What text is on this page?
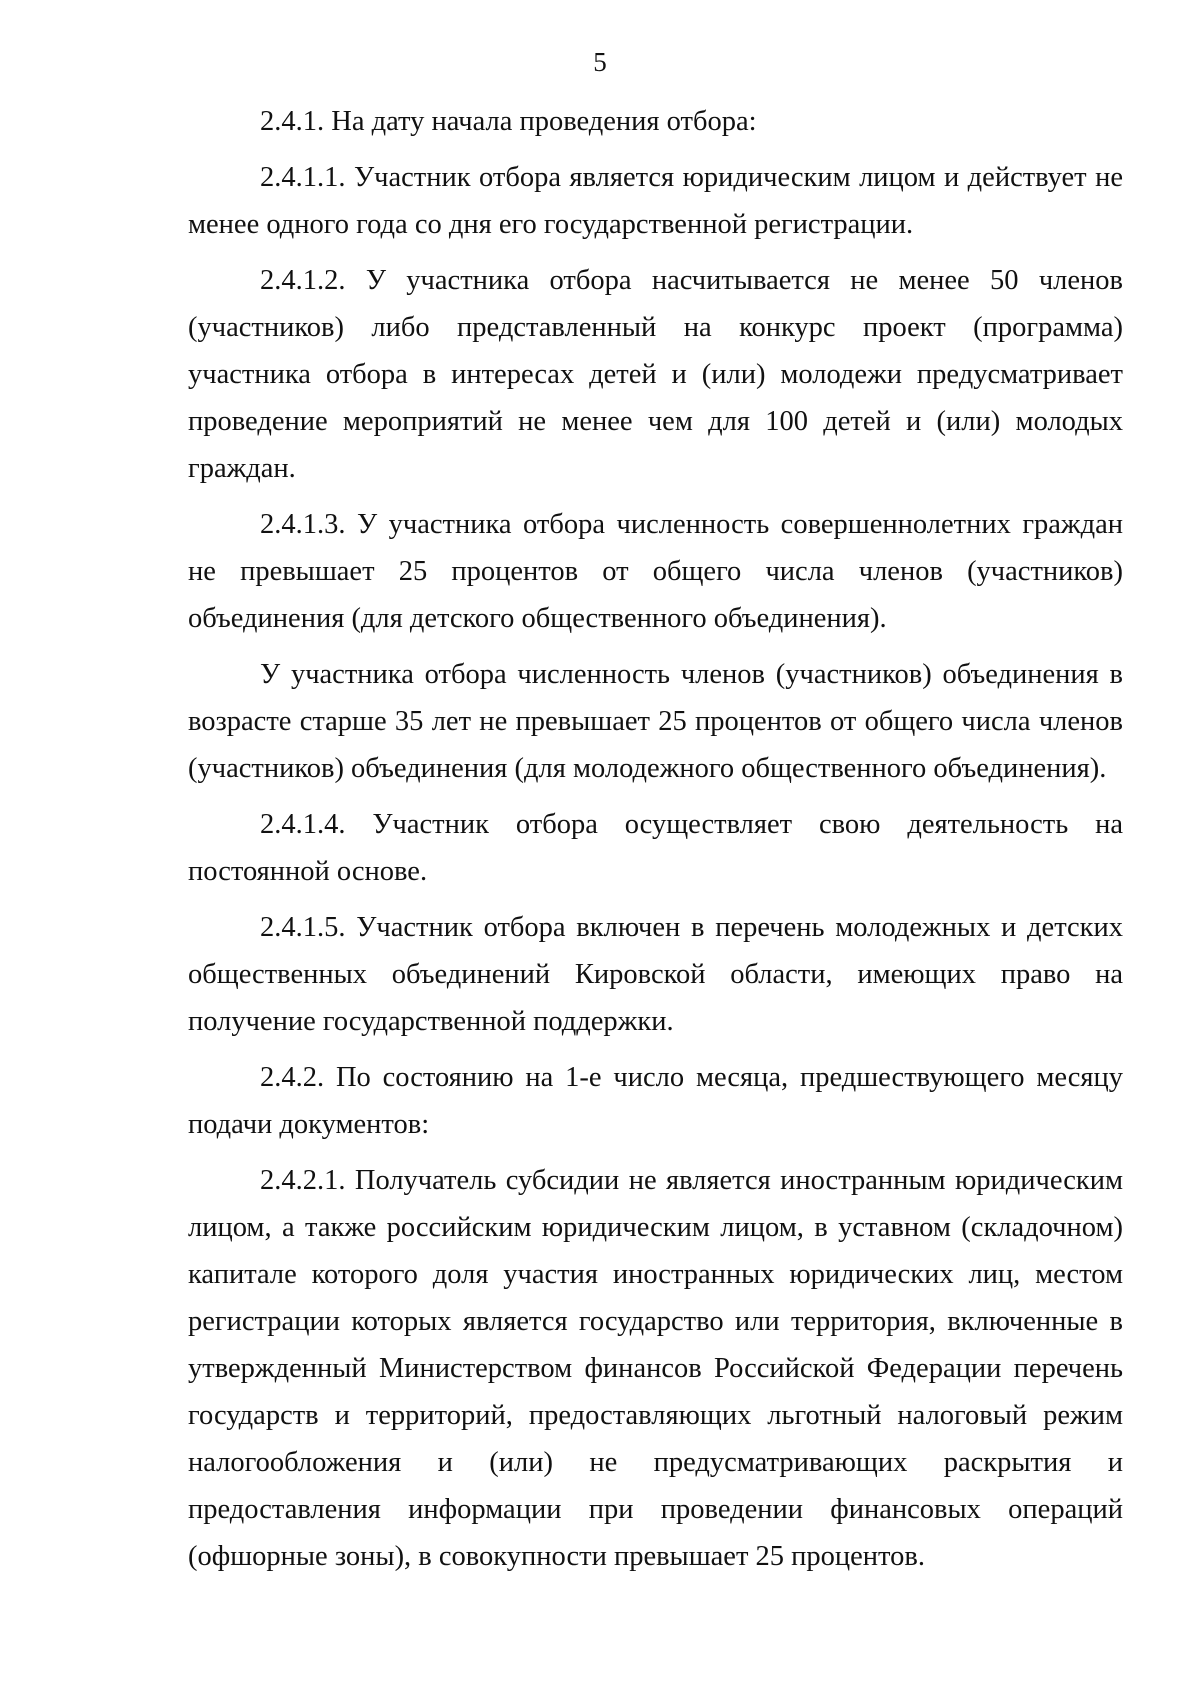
5

2.4.1. На дату начала проведения отбора:

2.4.1.1. Участник отбора является юридическим лицом и действует не менее одного года со дня его государственной регистрации.

2.4.1.2. У участника отбора насчитывается не менее 50 членов (участников) либо представленный на конкурс проект (программа) участника отбора в интересах детей и (или) молодежи предусматривает проведение мероприятий не менее чем для 100 детей и (или) молодых граждан.

2.4.1.3. У участника отбора численность совершеннолетних граждан не превышает 25 процентов от общего числа членов (участников) объединения (для детского общественного объединения).

У участника отбора численность членов (участников) объединения в возрасте старше 35 лет не превышает 25 процентов от общего числа членов (участников) объединения (для молодежного общественного объединения).

2.4.1.4. Участник отбора осуществляет свою деятельность на постоянной основе.

2.4.1.5. Участник отбора включен в перечень молодежных и детских общественных объединений Кировской области, имеющих право на получение государственной поддержки.

2.4.2. По состоянию на 1-е число месяца, предшествующего месяцу подачи документов:

2.4.2.1. Получатель субсидии не является иностранным юридическим лицом, а также российским юридическим лицом, в уставном (складочном) капитале которого доля участия иностранных юридических лиц, местом регистрации которых является государство или территория, включенные в утвержденный Министерством финансов Российской Федерации перечень государств и территорий, предоставляющих льготный налоговый режим налогообложения и (или) не предусматривающих раскрытия и предоставления информации при проведении финансовых операций (офшорные зоны), в совокупности превышает 25 процентов.
